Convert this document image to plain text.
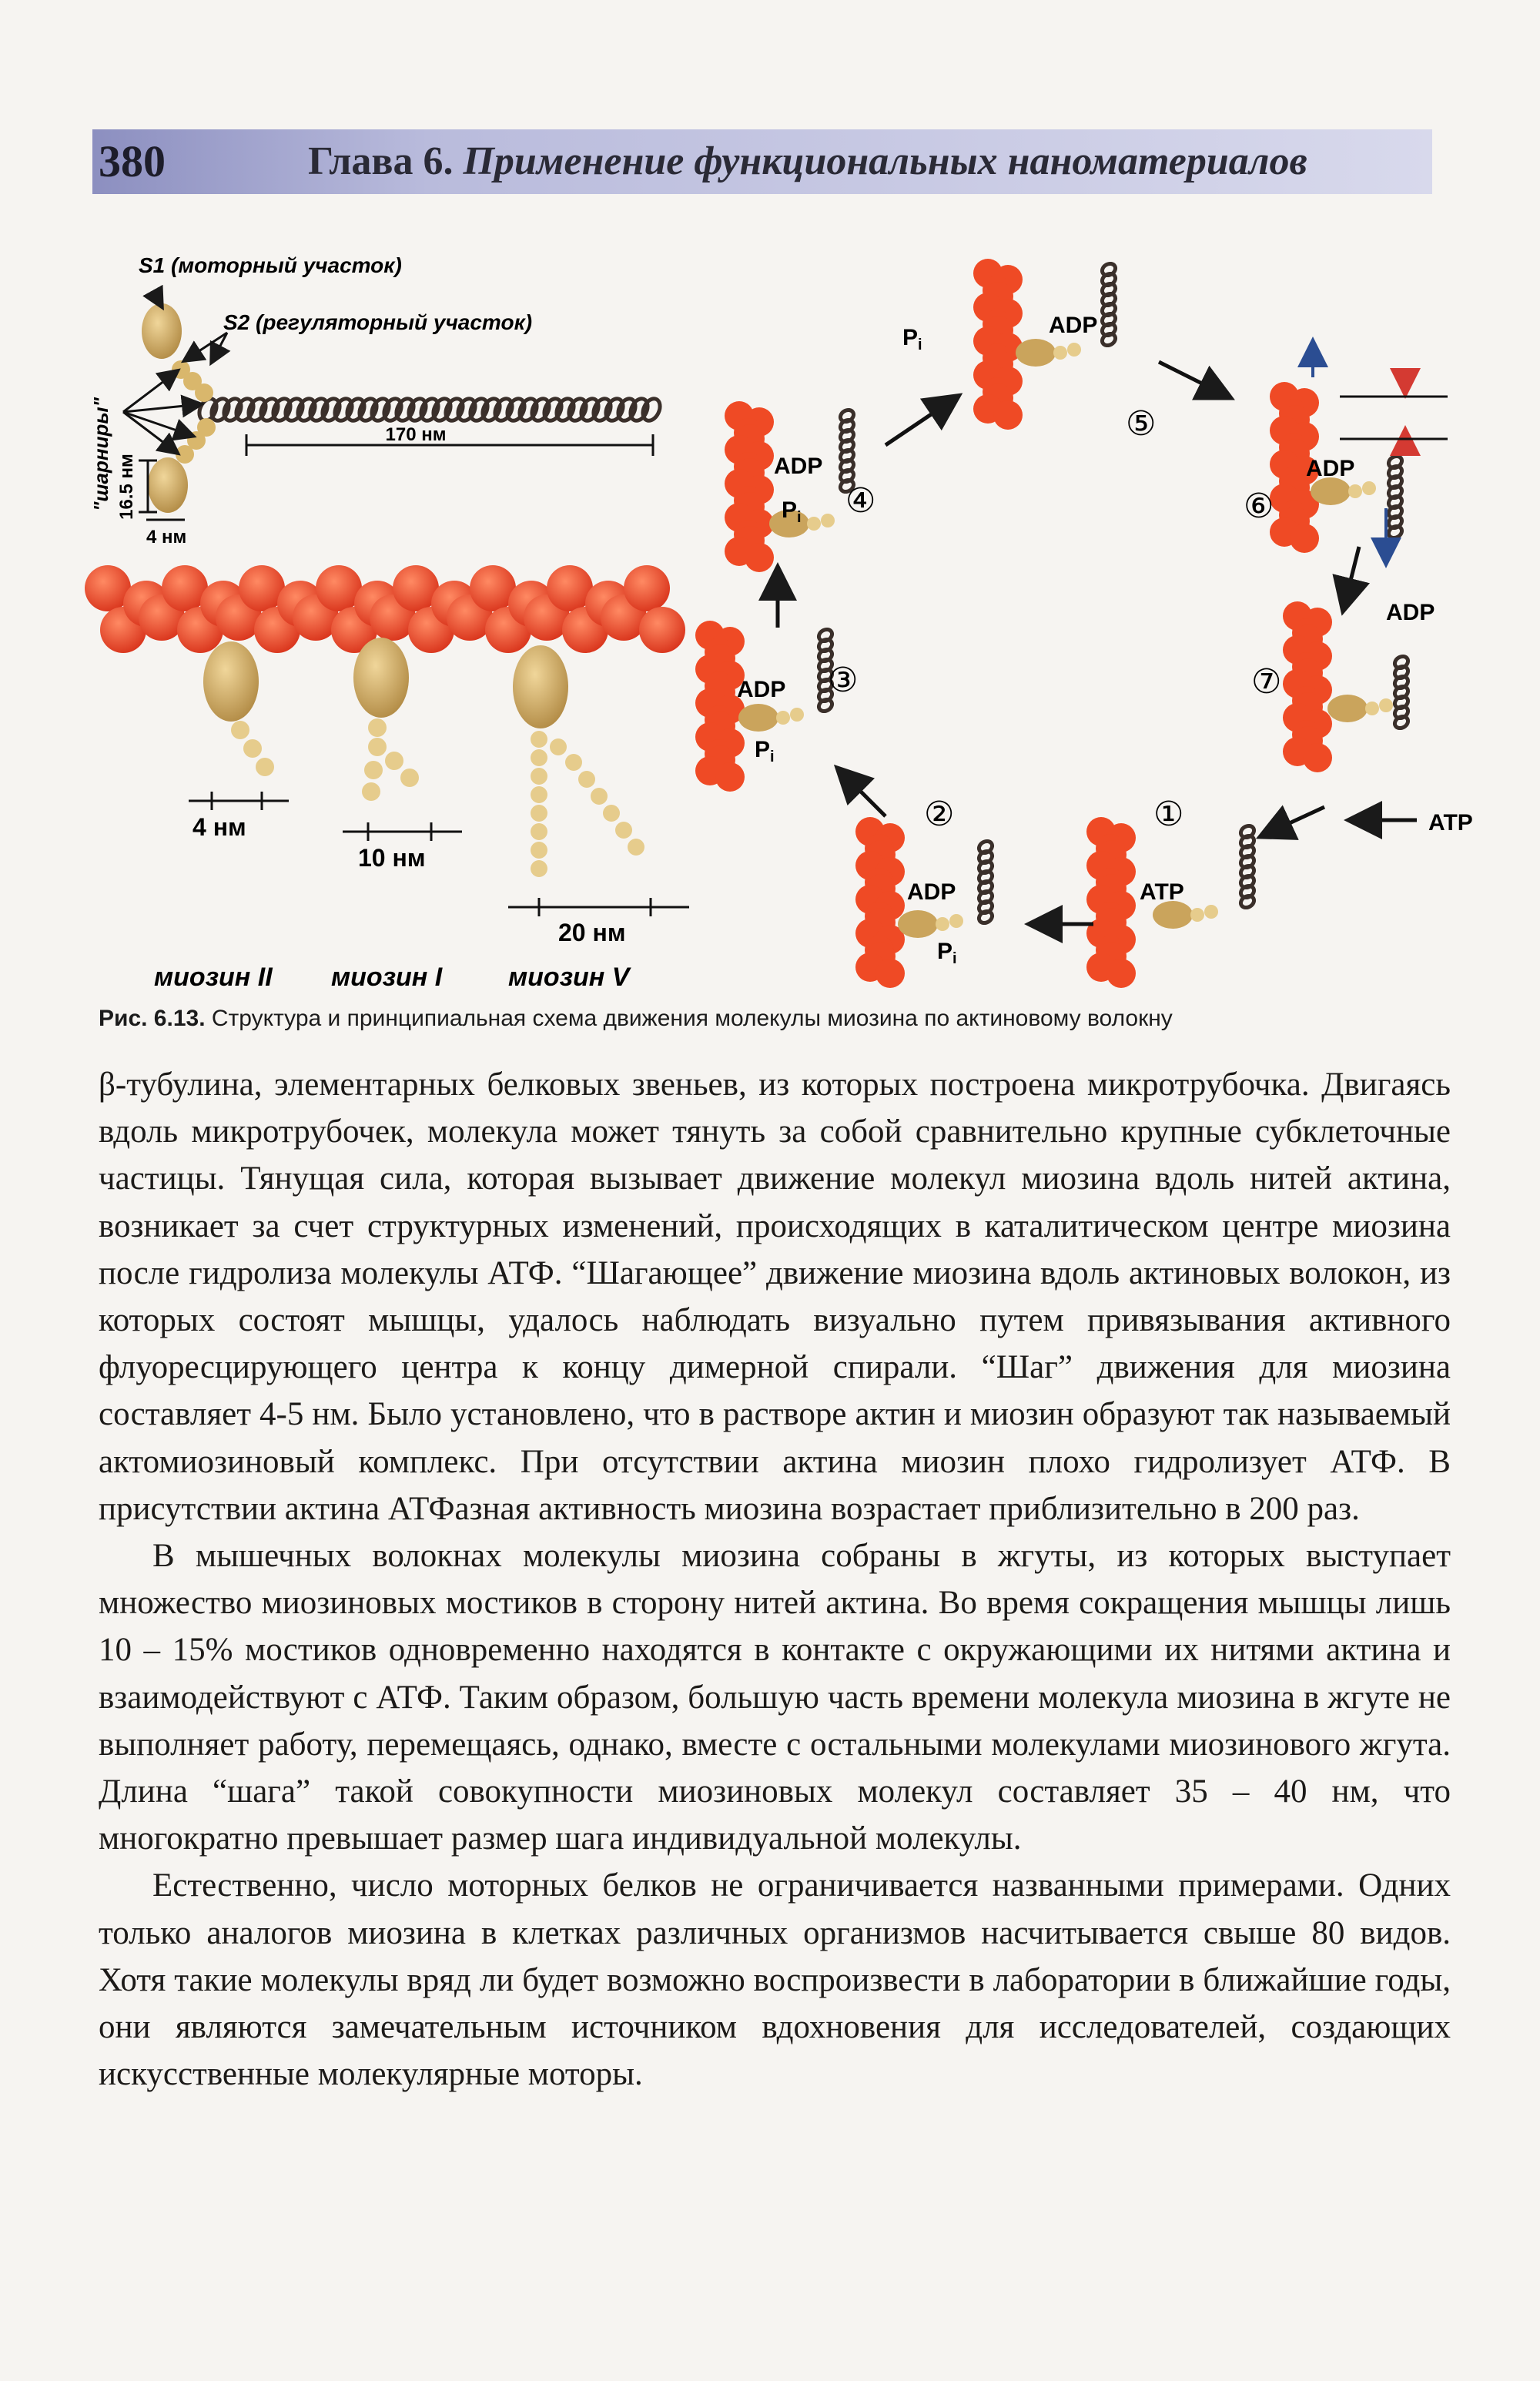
380	Глава 6. Применение функциональных наноматериалов
S1 (моторный участок)
S2 (регуляторный участок)
170 нм
"шарниры" 16.5 нм
4 нм
4 нм
10 нм
20 нм
миозин II миозин I	миозин V
ADP
$P_i$
⑤
ADP
$P_i$ ④
ADP
⑥
ADP
ADP
$P_i$
③	⑦
②	①
ADP
$P_i$
ATP
ATP
Рис. 6.13. Структура и принципиальная схема движения молекулы миозина по актиновому волокну

β-тубулина, элементарных белковых звеньев, из которых построена микротрубочка. Двигаясь вдоль микротрубочек, молекула может тянуть за собой сравнительно крупные субклеточные частицы. Тянущая сила, которая вызывает движение молекул миозина вдоль нитей актина, возникает за счет структурных изменений, происходящих в каталитическом центре миозина после гидролиза молекулы АТФ. “Шагающее” движение миозина вдоль актиновых волокон, из которых состоят мышцы, удалось наблюдать визуально путем привязывания активного флуоресцирующего центра к концу димерной спирали. “Шаг” движения для миозина составляет 4-5 нм. Было установлено, что в растворе актин и миозин образуют так называемый актомиозиновый комплекс. При отсутствии актина миозин плохо гидролизует АТФ. В присутствии актина АТФазная активность миозина возрастает приблизительно в 200 раз.

В мышечных волокнах молекулы миозина собраны в жгуты, из которых выступает множество миозиновых мостиков в сторону нитей актина. Во время сокращения мышцы лишь 10 – 15% мостиков одновременно находятся в контакте с окружающими их нитями актина и взаимодействуют с АТФ. Таким образом, большую часть времени молекула миозина в жгуте не выполняет работу, перемещаясь, однако, вместе с остальными молекулами миозинового жгута. Длина “шага” такой совокупности миозиновых молекул составляет 35 – 40 нм, что многократно превышает размер шага индивидуальной молекулы.

Естественно, число моторных белков не ограничивается названными примерами. Одних только аналогов миозина в клетках различных организмов насчитывается свыше 80 видов. Хотя такие молекулы вряд ли будет возможно воспроизвести в лаборатории в ближайшие годы, они являются замечательным источником вдохновения для исследователей, создающих искусственные молекулярные моторы.
